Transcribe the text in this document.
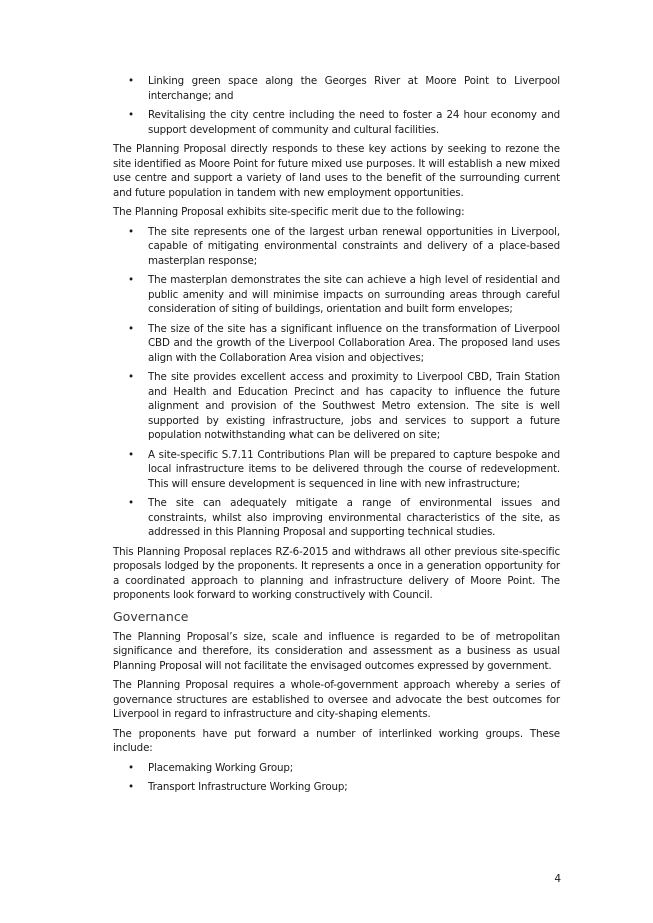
• Linking green space along the Georges River at Moore Point to Liverpool interchange; and
• Revitalising the city centre including the need to foster a 24 hour economy and support development of community and cultural facilities.

The Planning Proposal directly responds to these key actions by seeking to rezone the site identified as Moore Point for future mixed use purposes. It will establish a new mixed use centre and support a variety of land uses to the benefit of the surrounding current and future population in tandem with new employment opportunities.

The Planning Proposal exhibits site-specific merit due to the following:

• The site represents one of the largest urban renewal opportunities in Liverpool, capable of mitigating environmental constraints and delivery of a place-based masterplan response;
• The masterplan demonstrates the site can achieve a high level of residential and public amenity and will minimise impacts on surrounding areas through careful consideration of siting of buildings, orientation and built form envelopes;
• The size of the site has a significant influence on the transformation of Liverpool CBD and the growth of the Liverpool Collaboration Area. The proposed land uses align with the Collaboration Area vision and objectives;
• The site provides excellent access and proximity to Liverpool CBD, Train Station and Health and Education Precinct and has capacity to influence the future alignment and provision of the Southwest Metro extension. The site is well supported by existing infrastructure, jobs and services to support a future population notwithstanding what can be delivered on site;
• A site-specific S.7.11 Contributions Plan will be prepared to capture bespoke and local infrastructure items to be delivered through the course of redevelopment. This will ensure development is sequenced in line with new infrastructure;
• The site can adequately mitigate a range of environmental issues and constraints, whilst also improving environmental characteristics of the site, as addressed in this Planning Proposal and supporting technical studies.

This Planning Proposal replaces RZ-6-2015 and withdraws all other previous site-specific proposals lodged by the proponents. It represents a once in a generation opportunity for a coordinated approach to planning and infrastructure delivery of Moore Point. The proponents look forward to working constructively with Council.

Governance

The Planning Proposal’s size, scale and influence is regarded to be of metropolitan significance and therefore, its consideration and assessment as a business as usual Planning Proposal will not facilitate the envisaged outcomes expressed by government.

The Planning Proposal requires a whole-of-government approach whereby a series of governance structures are established to oversee and advocate the best outcomes for Liverpool in regard to infrastructure and city-shaping elements.

The proponents have put forward a number of interlinked working groups. These include:

• Placemaking Working Group;
• Transport Infrastructure Working Group;
4
